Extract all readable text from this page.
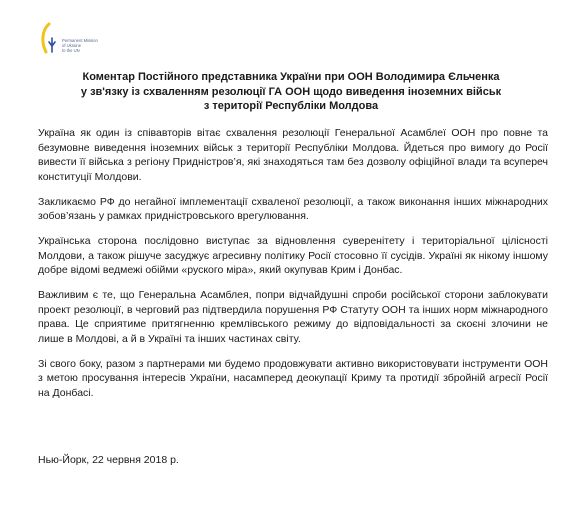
Permanent Mission
of Ukraine
to the UN
Коментар Постійного представника України при ООН Володимира Єльченка
у зв'язку із схваленням резолюції ГА ООН щодо виведення іноземних військ
з території Республіки Молдова

Україна як один із співавторів вітає схвалення резолюції Генеральної Асамблеї ООН про повне та безумовне виведення іноземних військ з території Республіки Молдова. Йдеться про вимогу до Росії вивести її війська з регіону Придністров’я, які знаходяться там без дозволу офіційної влади та всупереч конституції Молдови.

Закликаємо РФ до негайної імплементації схваленої резолюції, а також виконання інших міжнародних зобов’язань у рамках придністровського врегулювання.

Українська сторона послідовно виступає за відновлення суверенітету і територіальної цілісності Молдови, а також рішуче засуджує агресивну політику Росії стосовно її сусідів. Україні як нікому іншому добре відомі ведмежі обійми «руского міра», який окупував Крим і Донбас.

Важливим є те, що Генеральна Асамблея, попри відчайдушні спроби російської сторони заблокувати проект резолюції, в черговий раз підтвердила порушення РФ Статуту ООН та інших норм міжнародного права. Це сприятиме притягненню кремлівського режиму до відповідальності за скоєні злочини не лише в Молдові, а й в Україні та інших частинах світу.

Зі свого боку, разом з партнерами ми будемо продовжувати активно використовувати інструменти ООН з метою просування інтересів України, насамперед деокупації Криму та протидії збройній агресії Росії на Донбасі.

Нью-Йорк, 22 червня 2018 р.
